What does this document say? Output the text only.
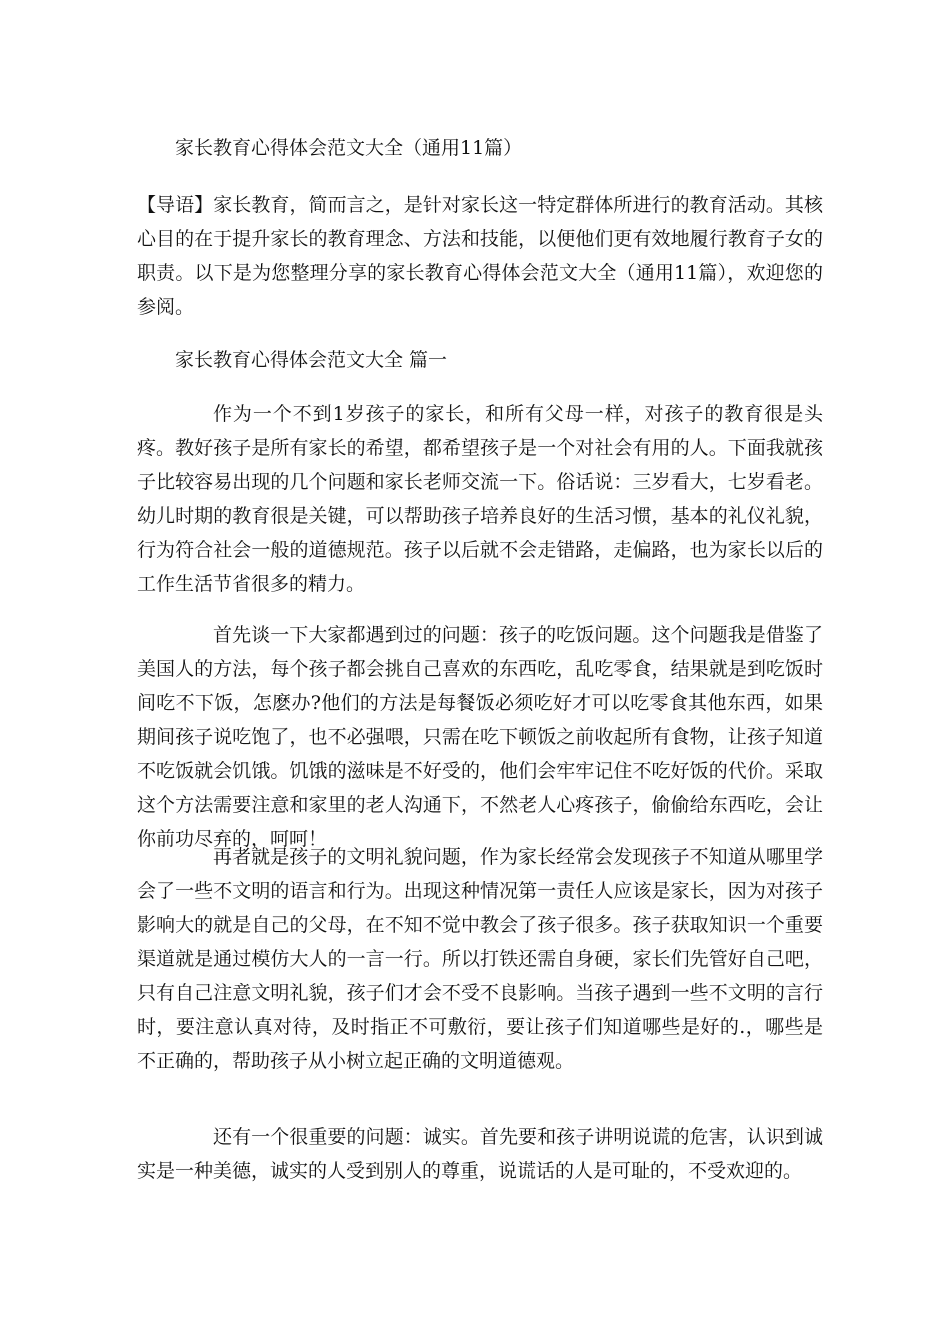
家长教育心得体会范文大全（通用11篇）

【导语】家长教育，简而言之，是针对家长这一特定群体所进行的教育活动。其核心目的在于提升家长的教育理念、方法和技能，以便他们更有效地履行教育子女的职责。以下是为您整理分享的家长教育心得体会范文大全（通用11篇），欢迎您的参阅。

家长教育心得体会范文大全 篇一

作为一个不到1岁孩子的家长，和所有父母一样，对孩子的教育很是头疼。教好孩子是所有家长的希望，都希望孩子是一个对社会有用的人。下面我就孩子比较容易出现的几个问题和家长老师交流一下。俗话说：三岁看大，七岁看老。幼儿时期的教育很是关键，可以帮助孩子培养良好的生活习惯，基本的礼仪礼貌，行为符合社会一般的道德规范。孩子以后就不会走错路，走偏路，也为家长以后的工作生活节省很多的精力。

首先谈一下大家都遇到过的问题：孩子的吃饭问题。这个问题我是借鉴了美国人的方法，每个孩子都会挑自己喜欢的东西吃，乱吃零食，结果就是到吃饭时间吃不下饭，怎麽办?他们的方法是每餐饭必须吃好才可以吃零食其他东西，如果期间孩子说吃饱了，也不必强喂，只需在吃下顿饭之前收起所有食物，让孩子知道不吃饭就会饥饿。饥饿的滋味是不好受的，他们会牢牢记住不吃好饭的代价。采取这个方法需要注意和家里的老人沟通下，不然老人心疼孩子，偷偷给东西吃，会让你前功尽弃的，呵呵！

再者就是孩子的文明礼貌问题，作为家长经常会发现孩子不知道从哪里学会了一些不文明的语言和行为。出现这种情况第一责任人应该是家长，因为对孩子影响大的就是自己的父母，在不知不觉中教会了孩子很多。孩子获取知识一个重要渠道就是通过模仿大人的一言一行。所以打铁还需自身硬，家长们先管好自己吧，只有自己注意文明礼貌，孩子们才会不受不良影响。当孩子遇到一些不文明的言行时，要注意认真对待，及时指正不可敷衍，要让孩子们知道哪些是好的.，哪些是不正确的，帮助孩子从小树立起正确的文明道德观。

还有一个很重要的问题：诚实。首先要和孩子讲明说谎的危害，认识到诚实是一种美德，诚实的人受到别人的尊重，说谎话的人是可耻的，不受欢迎的。
